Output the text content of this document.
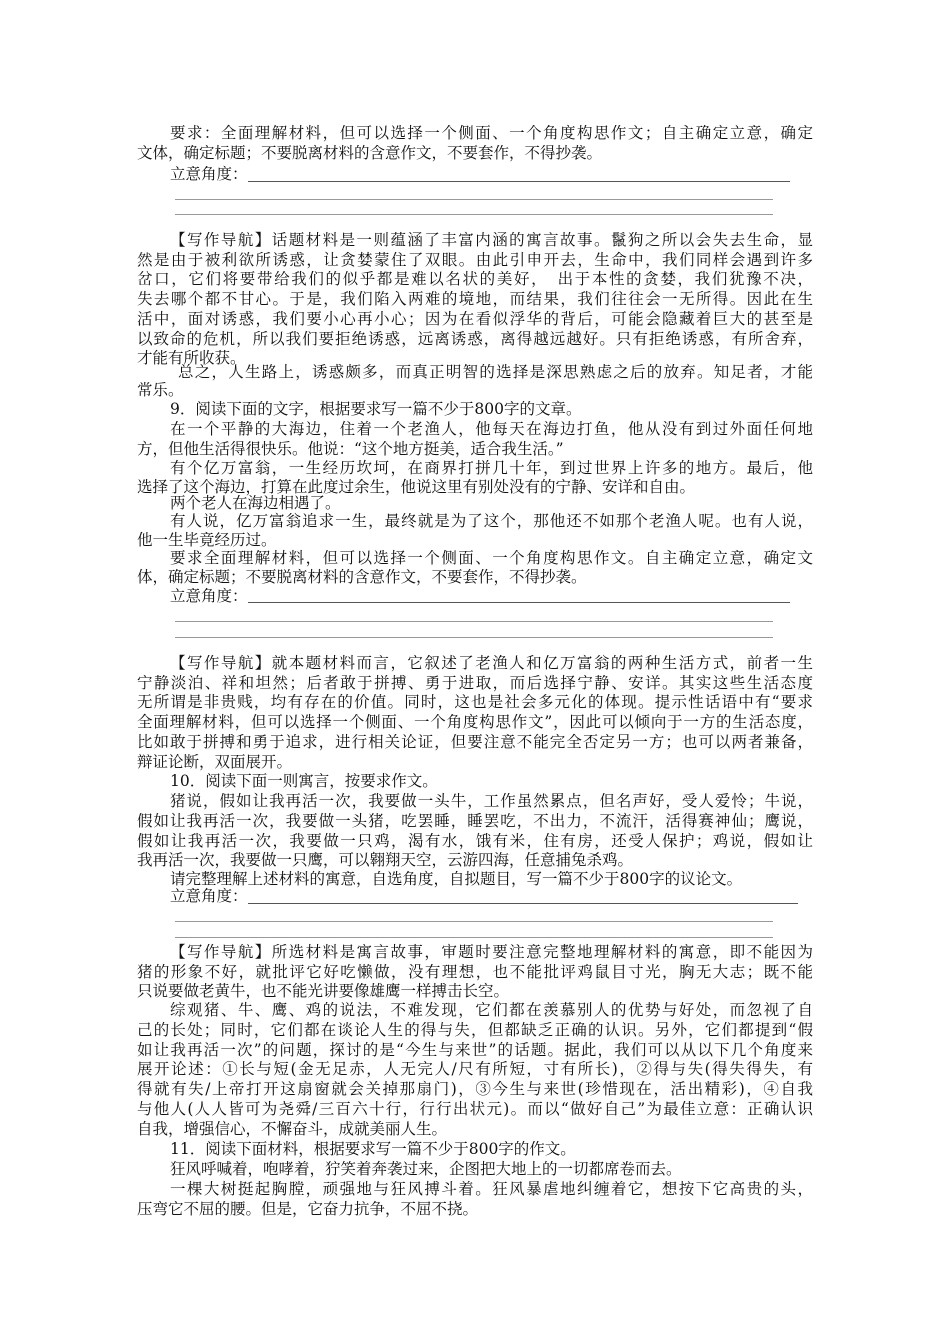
要求：全面理解材料，但可以选择一个侧面、一个角度构思作文；自主确定立意，确定
文体，确定标题；不要脱离材料的含意作文，不要套作，不得抄袭。
立意角度：
【写作导航】话题材料是一则蕴涵了丰富内涵的寓言故事。鬣狗之所以会失去生命，显
然是由于被利欲所诱惑，让贪婪蒙住了双眼。由此引申开去，生命中，我们同样会遇到许多
岔口，它们将要带给我们的似乎都是难以名状的美好，　出于本性的贪婪，我们犹豫不决，
失去哪个都不甘心。于是，我们陷入两难的境地，而结果，我们往往会一无所得。因此在生
活中，面对诱惑，我们要小心再小心；因为在看似浮华的背后，可能会隐藏着巨大的甚至是
以致命的危机，所以我们要拒绝诱惑，远离诱惑，离得越远越好。只有拒绝诱惑，有所舍弃，
才能有所收获。
总之，人生路上，诱惑颇多，而真正明智的选择是深思熟虑之后的放弃。知足者，才能
常乐。
9．阅读下面的文字，根据要求写一篇不少于800字的文章。
在一个平静的大海边，住着一个老渔人，他每天在海边打鱼，他从没有到过外面任何地
方，但他生活得很快乐。他说：“这个地方挺美，适合我生活。”
有个亿万富翁，一生经历坎坷，在商界打拼几十年，到过世界上许多的地方。最后，他
选择了这个海边，打算在此度过余生，他说这里有别处没有的宁静、安详和自由。
两个老人在海边相遇了。
有人说，亿万富翁追求一生，最终就是为了这个，那他还不如那个老渔人呢。也有人说，
他一生毕竟经历过。
要求全面理解材料，但可以选择一个侧面、一个角度构思作文。自主确定立意，确定文
体，确定标题；不要脱离材料的含意作文，不要套作，不得抄袭。
立意角度：
【写作导航】就本题材料而言，它叙述了老渔人和亿万富翁的两种生活方式，前者一生
宁静淡泊、祥和坦然；后者敢于拼搏、勇于进取，而后选择宁静、安详。其实这些生活态度
无所谓是非贵贱，均有存在的价值。同时，这也是社会多元化的体现。提示性话语中有“要求
全面理解材料，但可以选择一个侧面、一个角度构思作文”，因此可以倾向于一方的生活态度，
比如敢于拼搏和勇于追求，进行相关论证，但要注意不能完全否定另一方；也可以两者兼备，
辩证论断，双面展开。
10．阅读下面一则寓言，按要求作文。
猪说，假如让我再活一次，我要做一头牛，工作虽然累点，但名声好，受人爱怜；牛说，
假如让我再活一次，我要做一头猪，吃罢睡，睡罢吃，不出力，不流汗，活得赛神仙；鹰说，
假如让我再活一次，我要做一只鸡，渴有水，饿有米，住有房，还受人保护；鸡说，假如让
我再活一次，我要做一只鹰，可以翱翔天空，云游四海，任意捕兔杀鸡。
请完整理解上述材料的寓意，自选角度，自拟题目，写一篇不少于800字的议论文。
立意角度：
【写作导航】所选材料是寓言故事，审题时要注意完整地理解材料的寓意，即不能因为
猪的形象不好，就批评它好吃懒做，没有理想，也不能批评鸡鼠目寸光，胸无大志；既不能
只说要做老黄牛，也不能光讲要像雄鹰一样搏击长空。
综观猪、牛、鹰、鸡的说法，不难发现，它们都在羡慕别人的优势与好处，而忽视了自
己的长处；同时，它们都在谈论人生的得与失，但都缺乏正确的认识。另外，它们都提到“假
如让我再活一次”的问题，探讨的是“今生与来世”的话题。据此，我们可以从以下几个角度来
展开论述：①长与短(金无足赤，人无完人/尺有所短，寸有所长)，②得与失(得失得失，有
得就有失/上帝打开这扇窗就会关掉那扇门)，③今生与来世(珍惜现在，活出精彩)，④自我
与他人(人人皆可为尧舜/三百六十行，行行出状元)。而以“做好自己”为最佳立意：正确认识
自我，增强信心，不懈奋斗，成就美丽人生。
11．阅读下面材料，根据要求写一篇不少于800字的作文。
狂风呼喊着，咆哮着，狞笑着奔袭过来，企图把大地上的一切都席卷而去。
一棵大树挺起胸膛，顽强地与狂风搏斗着。狂风暴虐地纠缠着它，想按下它高贵的头，
压弯它不屈的腰。但是，它奋力抗争，不屈不挠。
